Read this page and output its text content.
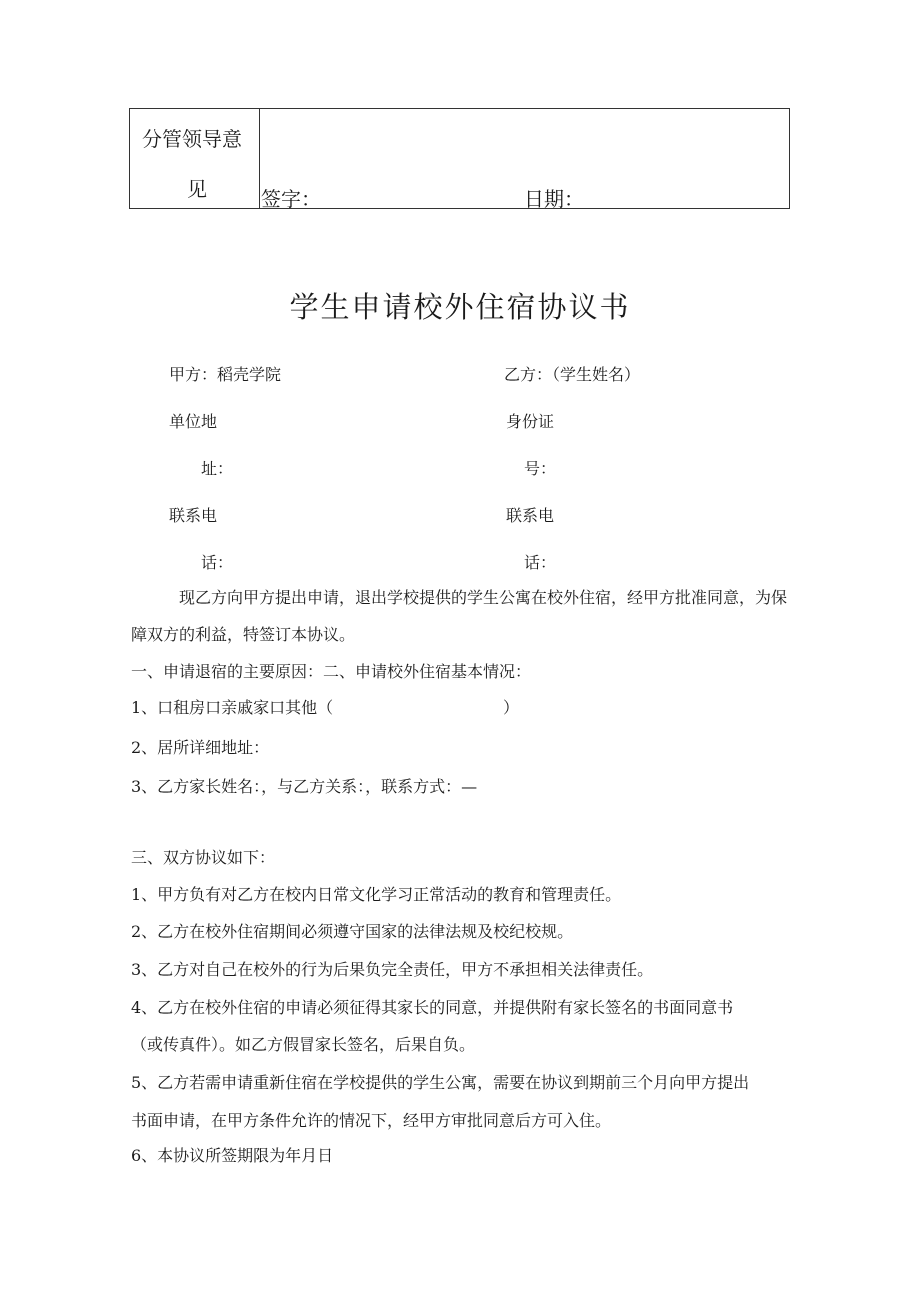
分管领导意
见	签字：	日期：
学生申请校外住宿协议书
甲方：稻壳学院	乙方：（学生姓名）
单位地	身份证
址：	号：
联系电	联系电
话：	话：
现乙方向甲方提出申请，退出学校提供的学生公寓在校外住宿，经甲方批准同意，为保障双方的利益，特签订本协议。
一、申请退宿的主要原因：二、申请校外住宿基本情况：
1、口租房口亲戚家口其他（	）
2、居所详细地址：
3、乙方家长姓名：，与乙方关系：，联系方式：—
三、双方协议如下：
1、甲方负有对乙方在校内日常文化学习正常活动的教育和管理责任。
2、乙方在校外住宿期间必须遵守国家的法律法规及校纪校规。
3、乙方对自己在校外的行为后果负完全责任，甲方不承担相关法律责任。
4、乙方在校外住宿的申请必须征得其家长的同意，并提供附有家长签名的书面同意书
（或传真件）。如乙方假冒家长签名，后果自负。
5、乙方若需申请重新住宿在学校提供的学生公寓，需要在协议到期前三个月向甲方提出
书面申请，在甲方条件允许的情况下，经甲方审批同意后方可入住。
6、本协议所签期限为年月日
